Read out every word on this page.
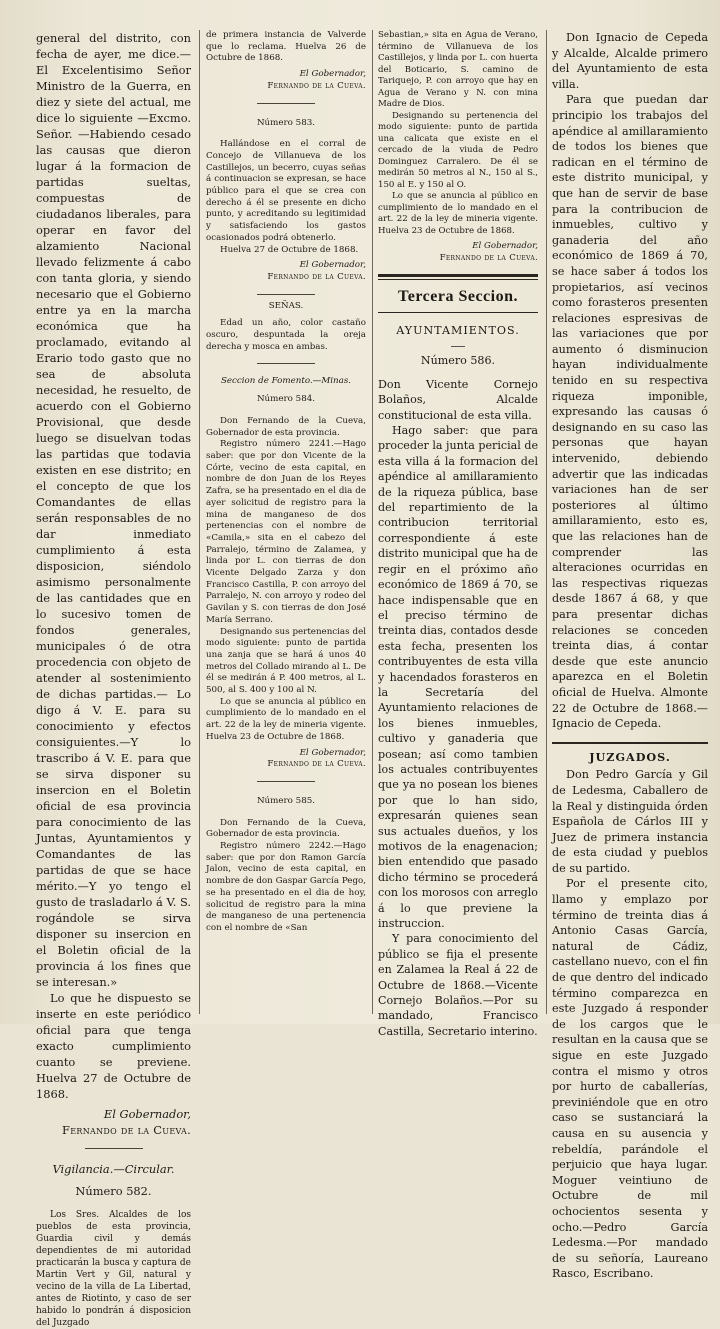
general del distrito, con fecha de ayer, me dice.—El Excelentisimo Señor Ministro de la Guerra, en diez y siete del actual, me dice lo siguiente —Excmo. Señor. —Habiendo cesado las causas que dieron lugar á la formacion de partidas sueltas, compuestas de ciudadanos liberales, para operar en favor del alzamiento Nacional llevado felizmente á cabo con tanta gloria, y siendo necesario que el Gobierno entre ya en la marcha económica que ha proclamado, evitando al Erario todo gasto que no sea de absoluta necesidad, he resuelto, de acuerdo con el Gobierno Provisional, que desde luego se disuelvan todas las partidas que todavia existen en ese distrito; en el concepto de que los Comandantes de ellas serán responsables de no dar inmediato cumplimiento á esta disposicion, siéndolo asimismo personalmente de las cantidades que en lo sucesivo tomen de fondos generales, municipales ó de otra procedencia con objeto de atender al sostenimiento de dichas partidas.— Lo digo á V. E. para su conocimiento y efectos consiguientes.—Y lo trascribo á V. E. para que se sirva disponer su insercion en el Boletin oficial de esa provincia para conocimiento de las Juntas, Ayuntamientos y Comandantes de las partidas de que se hace mérito.—Y yo tengo el gusto de trasladarlo á V. S. rogándole se sirva disponer su insercion en el Boletin oficial de la provincia á los fines que se interesan.»

Lo que he dispuesto se inserte en este periódico oficial para que tenga exacto cumplimiento cuanto se previene. Huelva 27 de Octubre de 1868.

El Gobernador,

Fernando de la Cueva.

Vigilancia.—Circular.

Número 582.

Los Sres. Alcaldes de los pueblos de esta provincia, Guardia civil y demás dependientes de mi autoridad practicarán la busca y captura de Martin Vert y Gil, natural y vecino de la villa de La Libertad, antes de Riotinto, y caso de ser habido lo pondrán á disposicion del Juzgado

de primera instancia de Valverde que lo reclama. Huelva 26 de Octubre de 1868.

El Gobernador,

Fernando de la Cueva.

Número 583.

Hallándose en el corral de Concejo de Villanueva de los Castillejos, un becerro, cuyas señas á continuacion se expresan, se hace público para el que se crea con derecho á él se presente en dicho punto, y acreditando su legitimidad y satisfaciendo los gastos ocasionados podrá obtenerlo.

Huelva 27 de Octubre de 1868.

El Gobernador,

Fernando de la Cueva.

SEÑAS.

Edad un año, color castaño oscuro, despuntada la oreja derecha y mosca en ambas.

Seccion de Fomento.—Minas.

Número 584.

Don Fernando de la Cueva, Gobernador de esta provincia.

Registro número 2241.—Hago saber: que por don Vicente de la Córte, vecino de esta capital, en nombre de don Juan de los Reyes Zafra, se ha presentado en el dia de ayer solicitud de registro para la mina de manganeso de dos pertenencias con el nombre de «Camila,» sita en el cabezo del Parralejo, término de Zalamea, y linda por L. con tierras de don Vicente Delgado Zarza y don Francisco Castilla, P. con arroyo del Parralejo, N. con arroyo y rodeo del Gavilan y S. con tierras de don José María Serrano.

Designando sus pertenencias del modo siguiente: punto de partida una zanja que se hará á unos 40 metros del Collado mirando al L. De él se medirán á P. 400 metros, al L. 500, al S. 400 y 100 al N.

Lo que se anuncia al público en cumplimiento de lo mandado en el art. 22 de la ley de mineria vigente. Huelva 23 de Octubre de 1868.

El Gobernador,

Fernando de la Cueva.

Número 585.

Don Fernando de la Cueva, Gobernador de esta provincia.

Registro número 2242.—Hago saber: que por don Ramon García Jalon, vecino de esta capital, en nombre de don Gaspar García Pego, se ha presentado en el dia de hoy, solicitud de registro para la mina de manganeso de una pertenencia con el nombre de «San

Sebastian,» sita en Agua de Verano, término de Villanueva de los Castillejos, y linda por L. con huerta del Boticario, S. camino de Tariquejo, P. con arroyo que hay en Agua de Verano y N. con mina Madre de Dios.

Designando su pertenencia del modo siguiente: punto de partida una calicata que existe en el cercado de la viuda de Pedro Dominguez Carralero. De él se medirán 50 metros al N., 150 al S., 150 al E. y 150 al O.

Lo que se anuncia al público en cumplimiento de lo mandado en el art. 22 de la ley de mineria vigente. Huelva 23 de Octubre de 1868.

El Gobernador,

Fernando de la Cueva.

Tercera Seccion.

AYUNTAMIENTOS.

Número 586.

Don Vicente Cornejo Bolaños, Alcalde constitucional de esta villa.

Hago saber: que para proceder la junta pericial de esta villa á la formacion del apéndice al amillaramiento de la riqueza pública, base del repartimiento de la contribucion territorial correspondiente á este distrito municipal que ha de regir en el próximo año económico de 1869 á 70, se hace indispensable que en el preciso término de treinta dias, contados desde esta fecha, presenten los contribuyentes de esta villa y hacendados forasteros en la Secretaría del Ayuntamiento relaciones de los bienes inmuebles, cultivo y ganaderia que posean; así como tambien los actuales contribuyentes que ya no posean los bienes por que lo han sido, expresarán quienes sean sus actuales dueños, y los motivos de la enagenacion; bien entendido que pasado dicho término se procederá con los morosos con arreglo á lo que previene la instruccion.

Y para conocimiento del público se fija el presente en Zalamea la Real á 22 de Octubre de 1868.—Vicente Cornejo Bolaños.—Por su mandado, Francisco Castilla, Secretario interino.

Don Ignacio de Cepeda y Alcalde, Alcalde primero del Ayuntamiento de esta villa.

Para que puedan dar principio los trabajos del apéndice al amillaramiento de todos los bienes que radican en el término de este distrito municipal, y que han de servir de base para la contribucion de inmuebles, cultivo y ganaderia del año económico de 1869 á 70, se hace saber á todos los propietarios, así vecinos como forasteros presenten relaciones espresivas de las variaciones que por aumento ó disminucion hayan individualmente tenido en su respectiva riqueza imponible, expresando las causas ó designando en su caso las personas que hayan intervenido, debiendo advertir que las indicadas variaciones han de ser posteriores al último amillaramiento, esto es, que las relaciones han de comprender las alteraciones ocurridas en las respectivas riquezas desde 1867 á 68, y que para presentar dichas relaciones se conceden treinta dias, á contar desde que este anuncio aparezca en el Boletin oficial de Huelva. Almonte 22 de Octubre de 1868.—Ignacio de Cepeda.

JUZGADOS.

Don Pedro García y Gil de Ledesma, Caballero de la Real y distinguida órden Española de Cárlos III y Juez de primera instancia de esta ciudad y pueblos de su partido.

Por el presente cito, llamo y emplazo por término de treinta dias á Antonio Casas García, natural de Cádiz, castellano nuevo, con el fin de que dentro del indicado término comparezca en este Juzgado á responder de los cargos que le resultan en la causa que se sigue en este Juzgado contra el mismo y otros por hurto de caballerías, previniéndole que en otro caso se sustanciará la causa en su ausencia y rebeldía, parándole el perjuicio que haya lugar. Moguer veintiuno de Octubre de mil ochocientos sesenta y ocho.—Pedro García Ledesma.—Por mandado de su señoría, Laureano Rasco, Escribano.
